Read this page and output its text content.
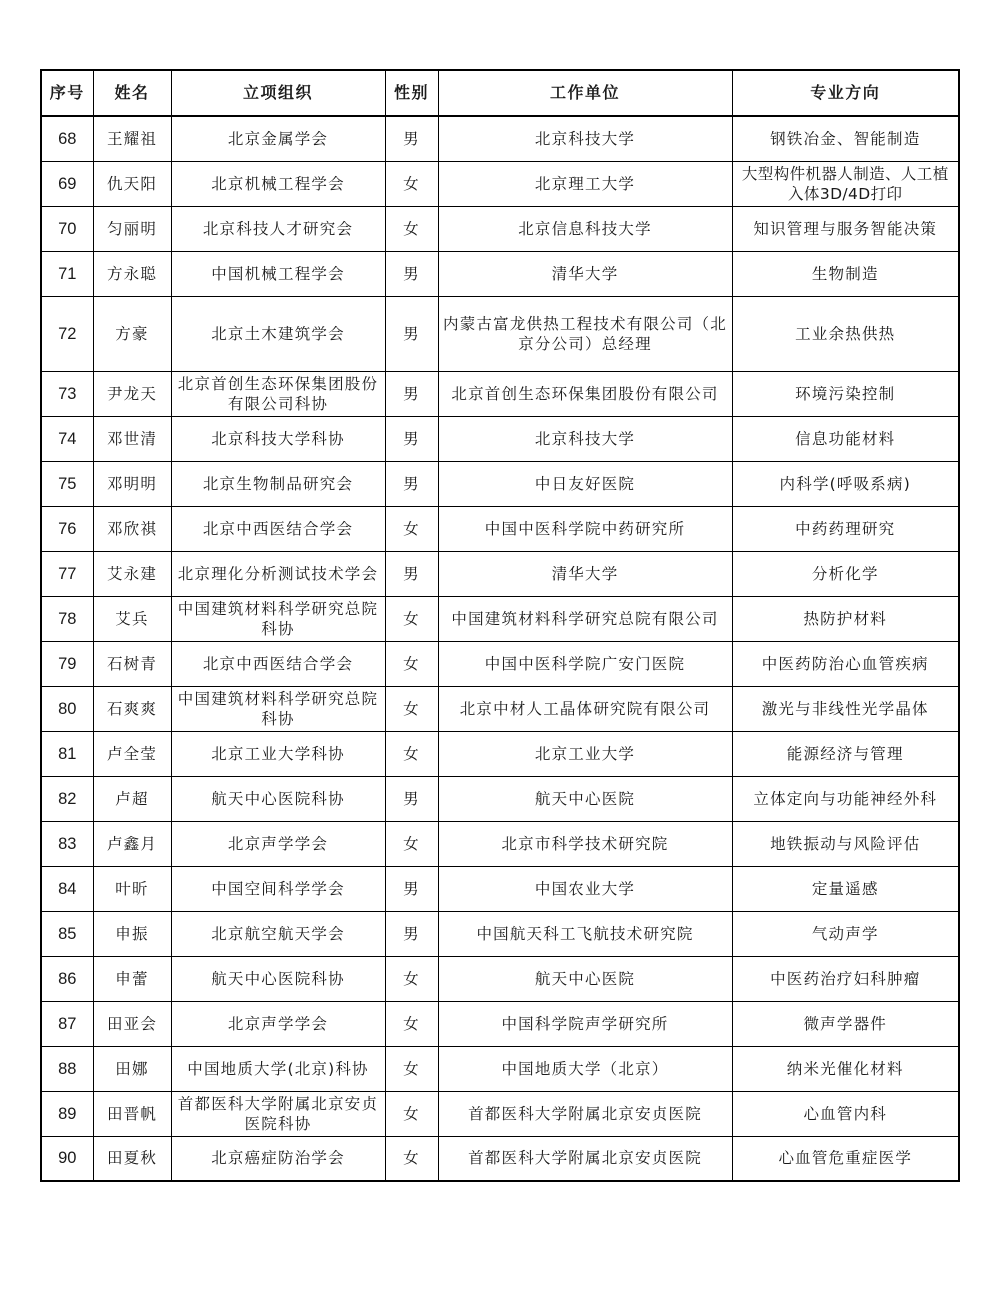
序号	姓名	立项组织	性别	工作单位	专业方向
68	王耀祖	北京金属学会	男	北京科技大学	钢铁冶金、智能制造
69	仇天阳	北京机械工程学会	女	北京理工大学	大型构件机器人制造、人工植入体3D/4D打印
70	匀丽明	北京科技人才研究会	女	北京信息科技大学	知识管理与服务智能决策
71	方永聪	中国机械工程学会	男	清华大学	生物制造
72	方豪	北京土木建筑学会	男	内蒙古富龙供热工程技术有限公司（北京分公司）总经理	工业余热供热
73	尹龙天	北京首创生态环保集团股份有限公司科协	男	北京首创生态环保集团股份有限公司	环境污染控制
74	邓世清	北京科技大学科协	男	北京科技大学	信息功能材料
75	邓明明	北京生物制品研究会	男	中日友好医院	内科学(呼吸系病)
76	邓欣祺	北京中西医结合学会	女	中国中医科学院中药研究所	中药药理研究
77	艾永建	北京理化分析测试技术学会	男	清华大学	分析化学
78	艾兵	中国建筑材料科学研究总院科协	女	中国建筑材料科学研究总院有限公司	热防护材料
79	石树青	北京中西医结合学会	女	中国中医科学院广安门医院	中医药防治心血管疾病
80	石爽爽	中国建筑材料科学研究总院科协	女	北京中材人工晶体研究院有限公司	激光与非线性光学晶体
81	卢全莹	北京工业大学科协	女	北京工业大学	能源经济与管理
82	卢超	航天中心医院科协	男	航天中心医院	立体定向与功能神经外科
83	卢鑫月	北京声学学会	女	北京市科学技术研究院	地铁振动与风险评估
84	叶昕	中国空间科学学会	男	中国农业大学	定量遥感
85	申振	北京航空航天学会	男	中国航天科工飞航技术研究院	气动声学
86	申蕾	航天中心医院科协	女	航天中心医院	中医药治疗妇科肿瘤
87	田亚会	北京声学学会	女	中国科学院声学研究所	微声学器件
88	田娜	中国地质大学(北京)科协	女	中国地质大学（北京）	纳米光催化材料
89	田晋帆	首都医科大学附属北京安贞医院科协	女	首都医科大学附属北京安贞医院	心血管内科
90	田夏秋	北京癌症防治学会	女	首都医科大学附属北京安贞医院	心血管危重症医学
